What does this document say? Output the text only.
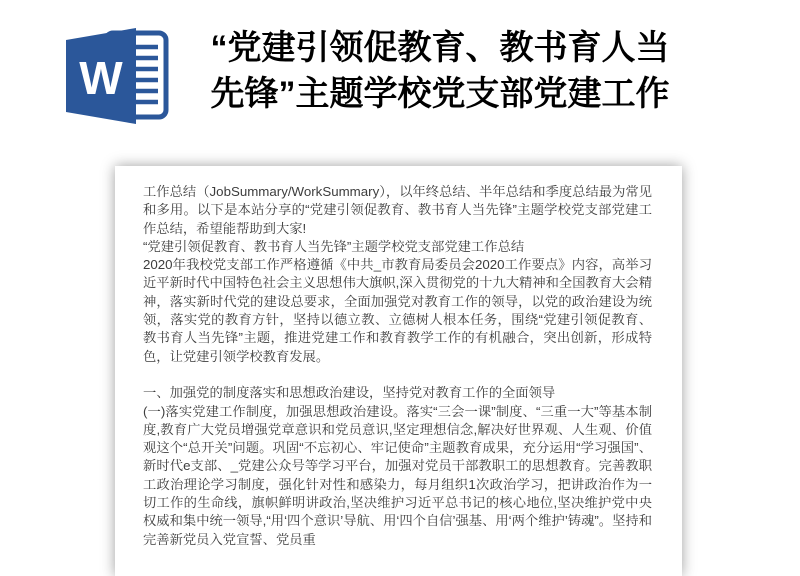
W
“党建引领促教育、教书育人当
先锋”主题学校党支部党建工作

工作总结（JobSummary/WorkSummary），以年终总结、半年总结和季度总结最为常见和多用。以下是本站分享的“党建引领促教育、教书育人当先锋”主题学校党支部党建工作总结，希望能帮助到大家!

“党建引领促教育、教书育人当先锋”主题学校党支部党建工作总结

2020年我校党支部工作严格遵循《中共_市教育局委员会2020工作要点》内容，高举习近平新时代中国特色社会主义思想伟大旗帜,深入贯彻党的十九大精神和全国教育大会精神，落实新时代党的建设总要求，全面加强党对教育工作的领导，以党的政治建设为统领，落实党的教育方针，坚持以德立教、立德树人根本任务，围绕“党建引领促教育、教书育人当先锋”主题，推进党建工作和教育教学工作的有机融合，突出创新，形成特色，让党建引领学校教育发展。

一、加强党的制度落实和思想政治建设，坚持党对教育工作的全面领导

(一)落实党建工作制度，加强思想政治建设。落实“三会一课”制度、“三重一大”等基本制度,教育广大党员增强党章意识和党员意识,坚定理想信念,解决好世界观、人生观、价值观这个“总开关”问题。巩固“不忘初心、牢记使命”主题教育成果，充分运用“学习强国”、新时代e支部、_党建公众号等学习平台，加强对党员干部教职工的思想教育。完善教职工政治理论学习制度，强化针对性和感染力，每月组织1次政治学习，把讲政治作为一切工作的生命线，旗帜鲜明讲政治,坚决维护习近平总书记的核心地位,坚决维护党中央权威和集中统一领导,“用‘四个意识’导航、用‘四个自信’强基、用‘两个维护’铸魂”。坚持和完善新党员入党宣誓、党员重
